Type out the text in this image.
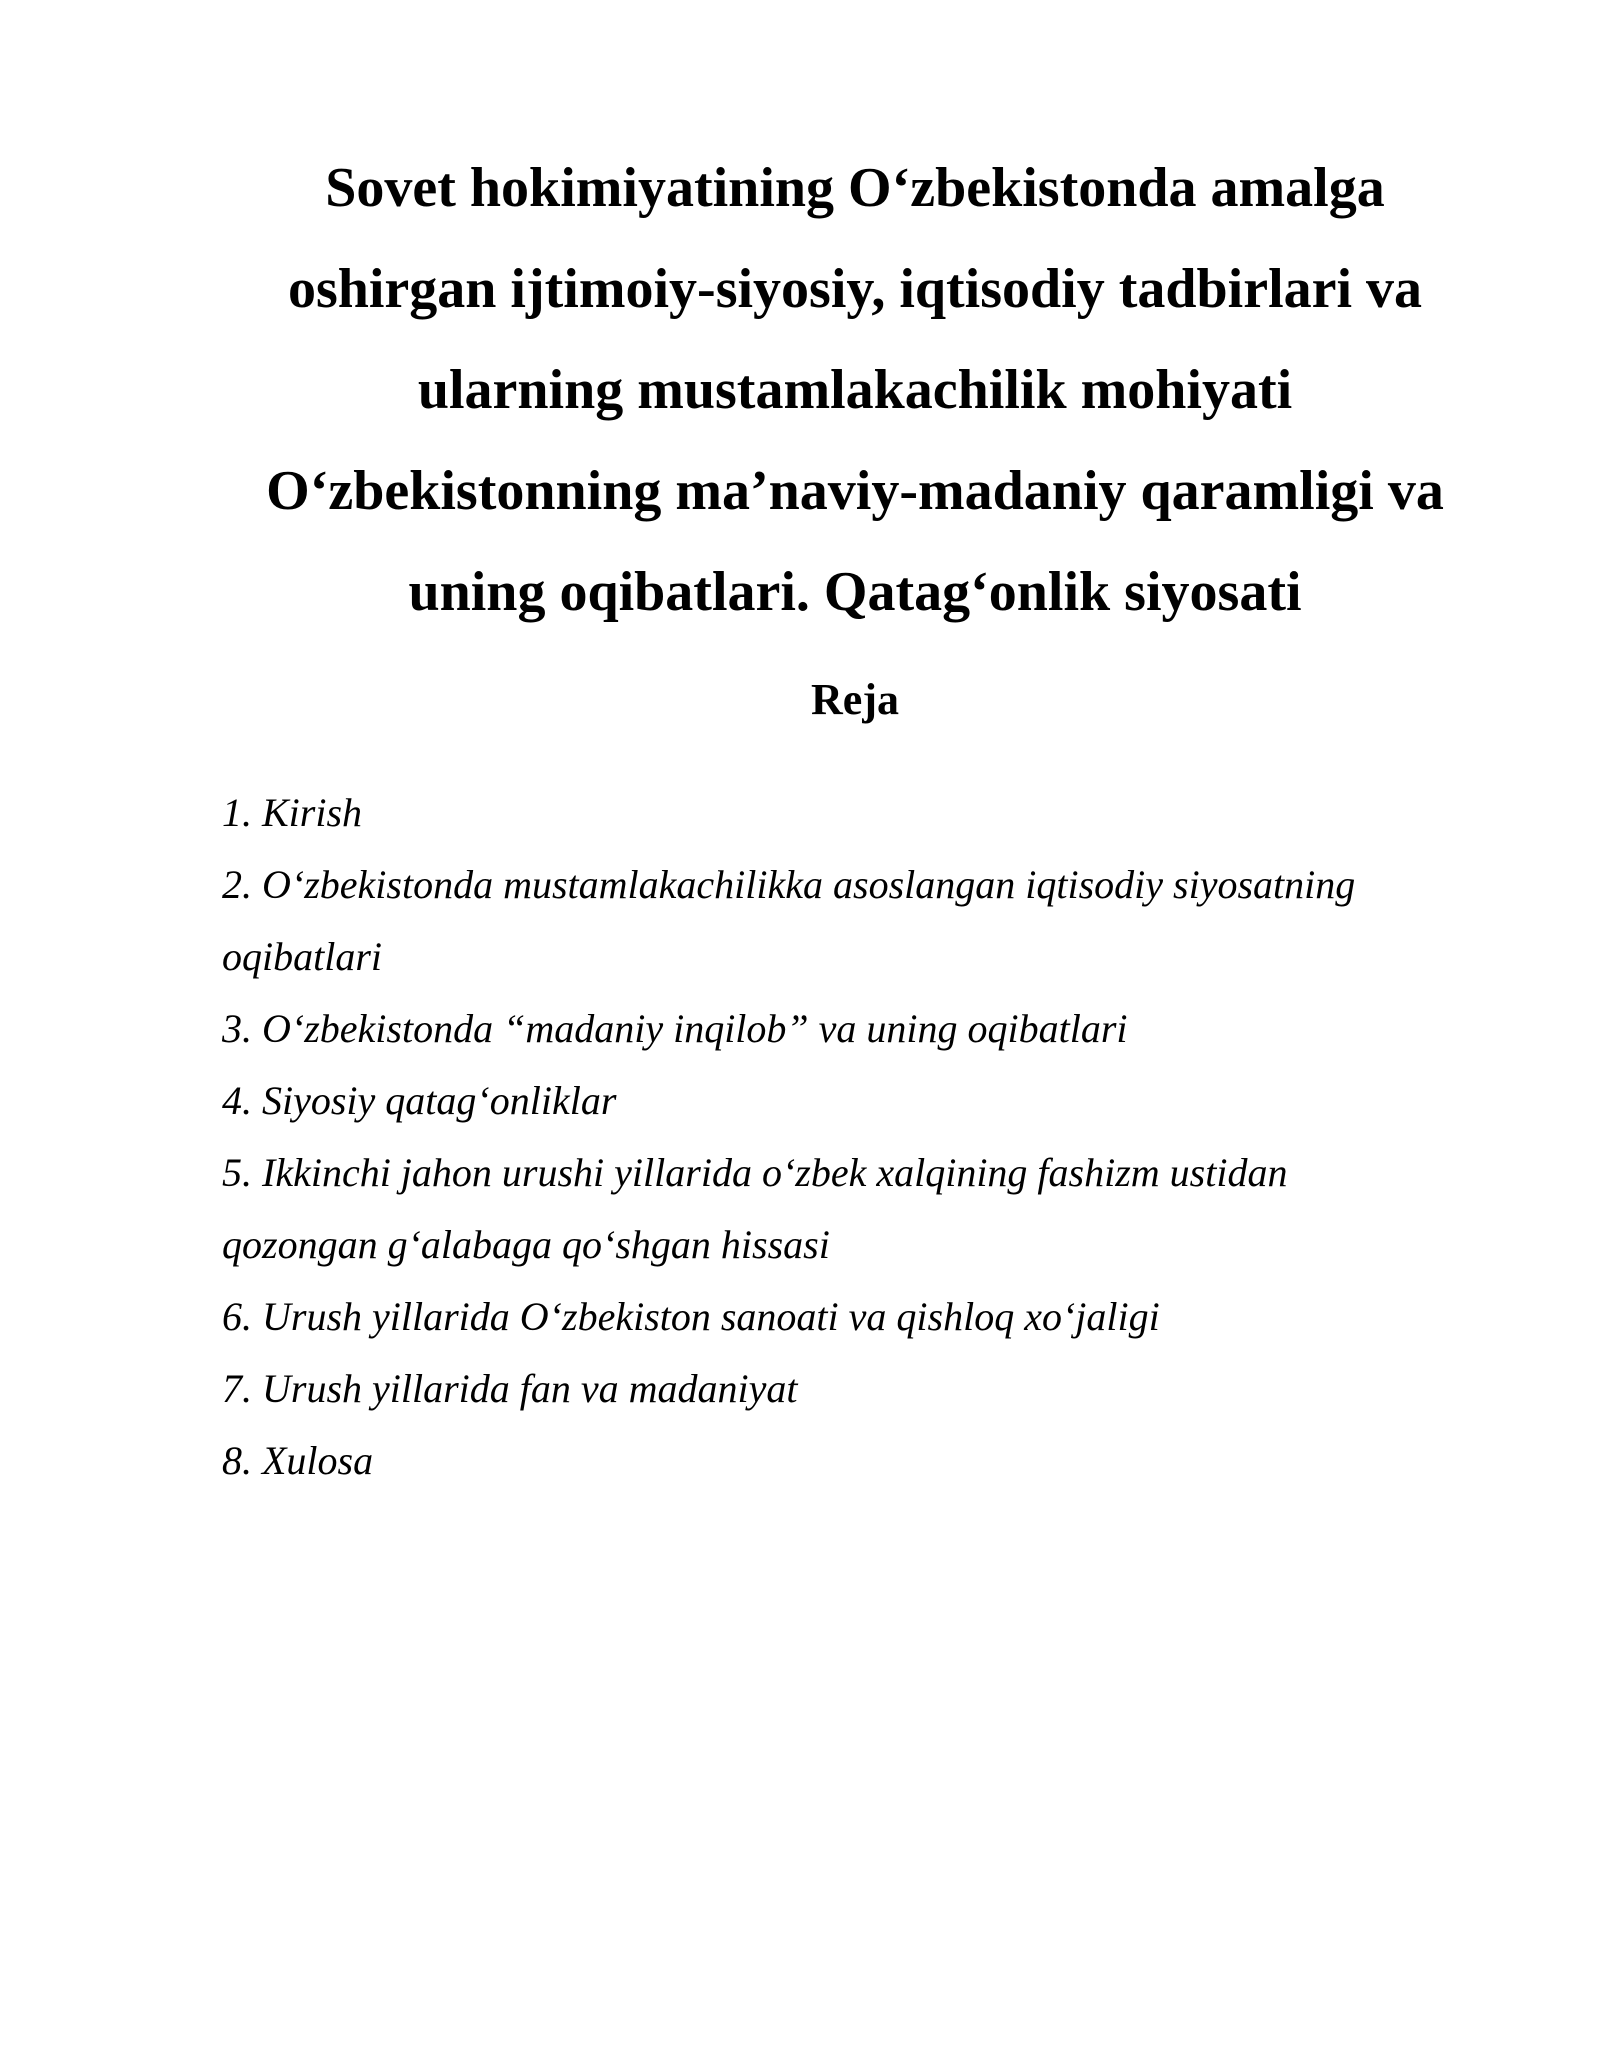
Sovet hokimiyatining O‘zbekistonda amalga
oshirgan ijtimoiy-siyosiy, iqtisodiy tadbirlari va
ularning mustamlakachilik mohiyati
O‘zbekistonning ma’naviy-madaniy qaramligi va
uning oqibatlari. Qatag‘onlik siyosati
Reja
1. Kirish
2. O‘zbekistonda mustamlakachilikka asoslangan iqtisodiy siyosatning
oqibatlari
3. O‘zbekistonda “madaniy inqilob” va uning oqibatlari
4. Siyosiy qatag‘onliklar
5. Ikkinchi jahon urushi yillarida o‘zbek xalqining fashizm ustidan
qozongan g‘alabaga qo‘shgan hissasi
6. Urush yillarida O‘zbekiston sanoati va qishloq xo‘jaligi
7. Urush yillarida fan va madaniyat
8. Xulosa
